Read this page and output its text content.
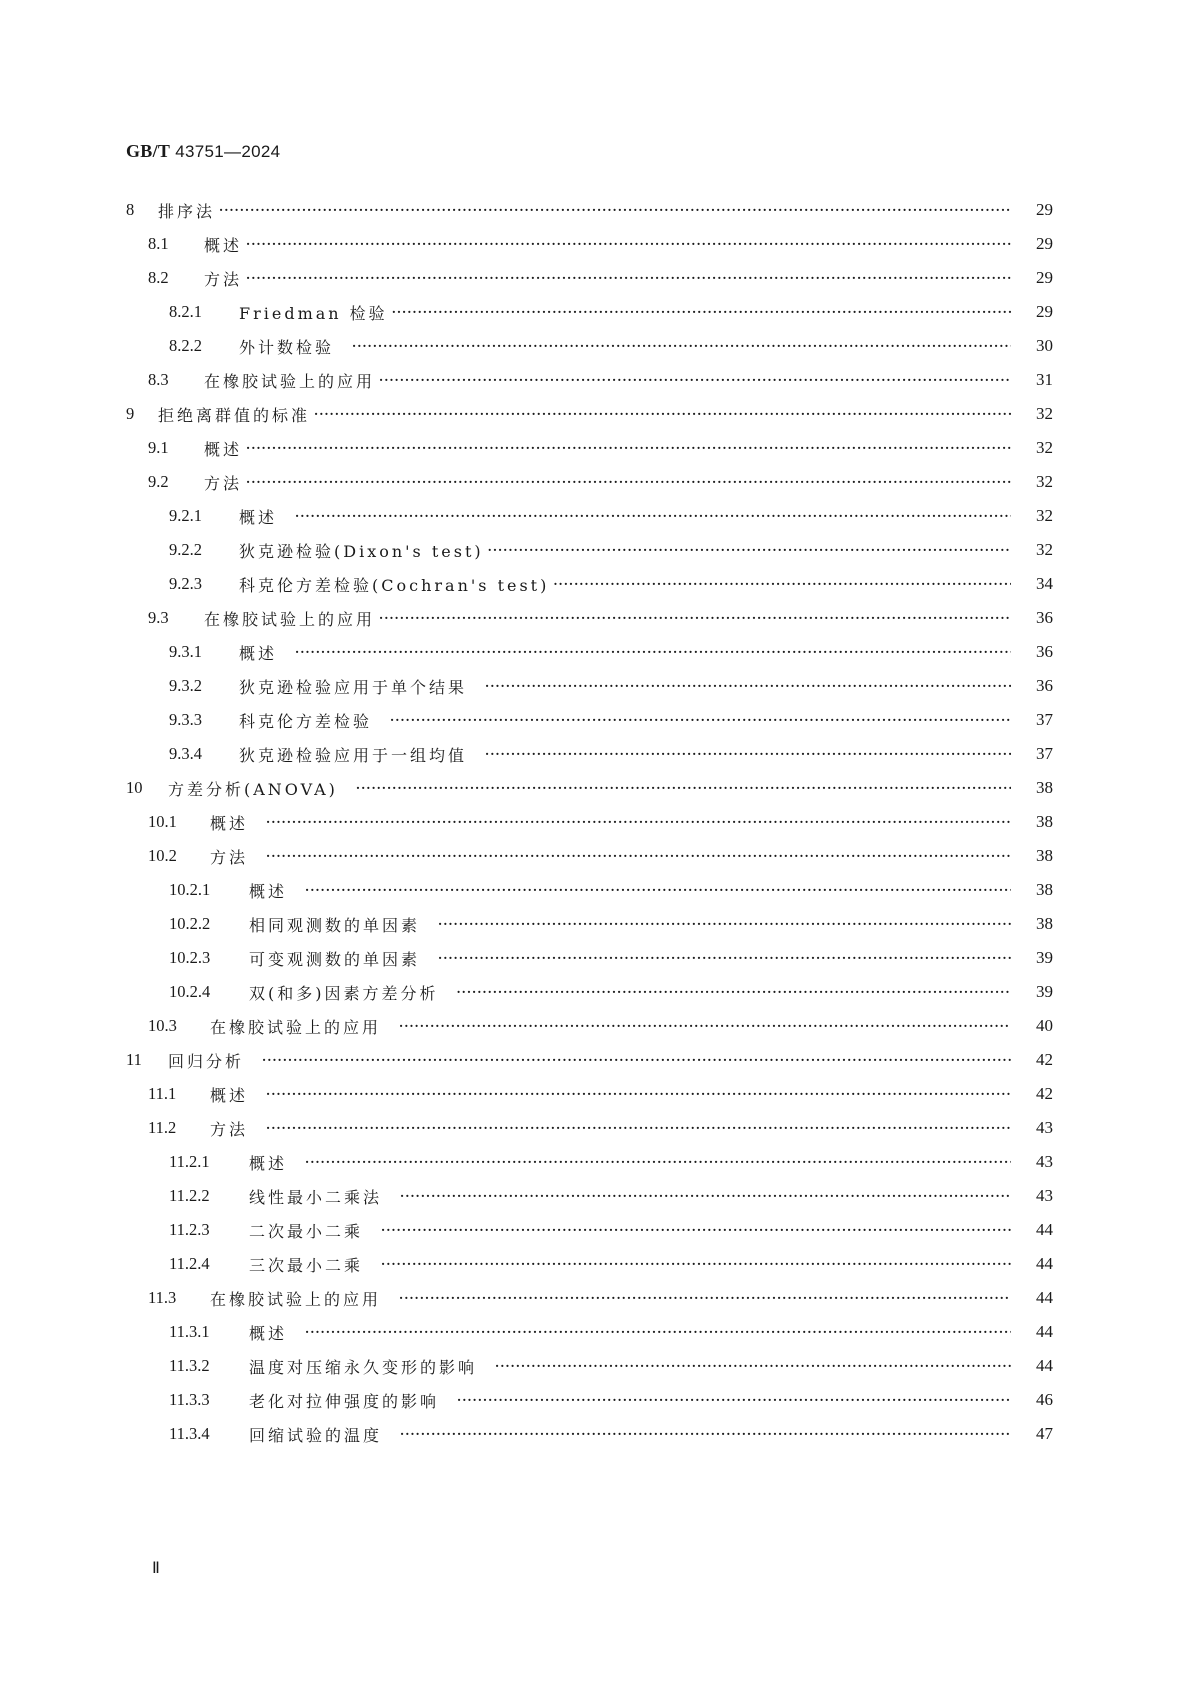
GB/T 43751—2024
8	排序法 ·····	29
8.1	概述 ·····	29
8.2	方法 ·····	29
8.2.1	Friedman 检验 ·····	29
8.2.2	外计数检验 ·····	30
8.3	在橡胶试验上的应用 ·····	31
9	拒绝离群值的标准 ·····	32
9.1	概述 ·····	32
9.2	方法 ·····	32
9.2.1	概述 ·····	32
9.2.2	狄克逊检验(Dixon's test) ·····	32
9.2.3	科克伦方差检验(Cochran's test) ·····	34
9.3	在橡胶试验上的应用 ·····	36
9.3.1	概述 ·····	36
9.3.2	狄克逊检验应用于单个结果 ·····	36
9.3.3	科克伦方差检验 ·····	37
9.3.4	狄克逊检验应用于一组均值 ·····	37
10	方差分析(ANOVA) ·····	38
10.1	概述 ·····	38
10.2	方法 ·····	38
10.2.1	概述 ·····	38
10.2.2	相同观测数的单因素 ·····	38
10.2.3	可变观测数的单因素 ·····	39
10.2.4	双(和多)因素方差分析 ·····	39
10.3	在橡胶试验上的应用 ·····	40
11	回归分析 ·····	42
11.1	概述 ·····	42
11.2	方法 ·····	43
11.2.1	概述 ·····	43
11.2.2	线性最小二乘法 ·····	43
11.2.3	二次最小二乘 ·····	44
11.2.4	三次最小二乘 ·····	44
11.3	在橡胶试验上的应用 ·····	44
11.3.1	概述 ·····	44
11.3.2	温度对压缩永久变形的影响 ·····	44
11.3.3	老化对拉伸强度的影响 ·····	46
11.3.4	回缩试验的温度 ·····	47
Ⅱ
